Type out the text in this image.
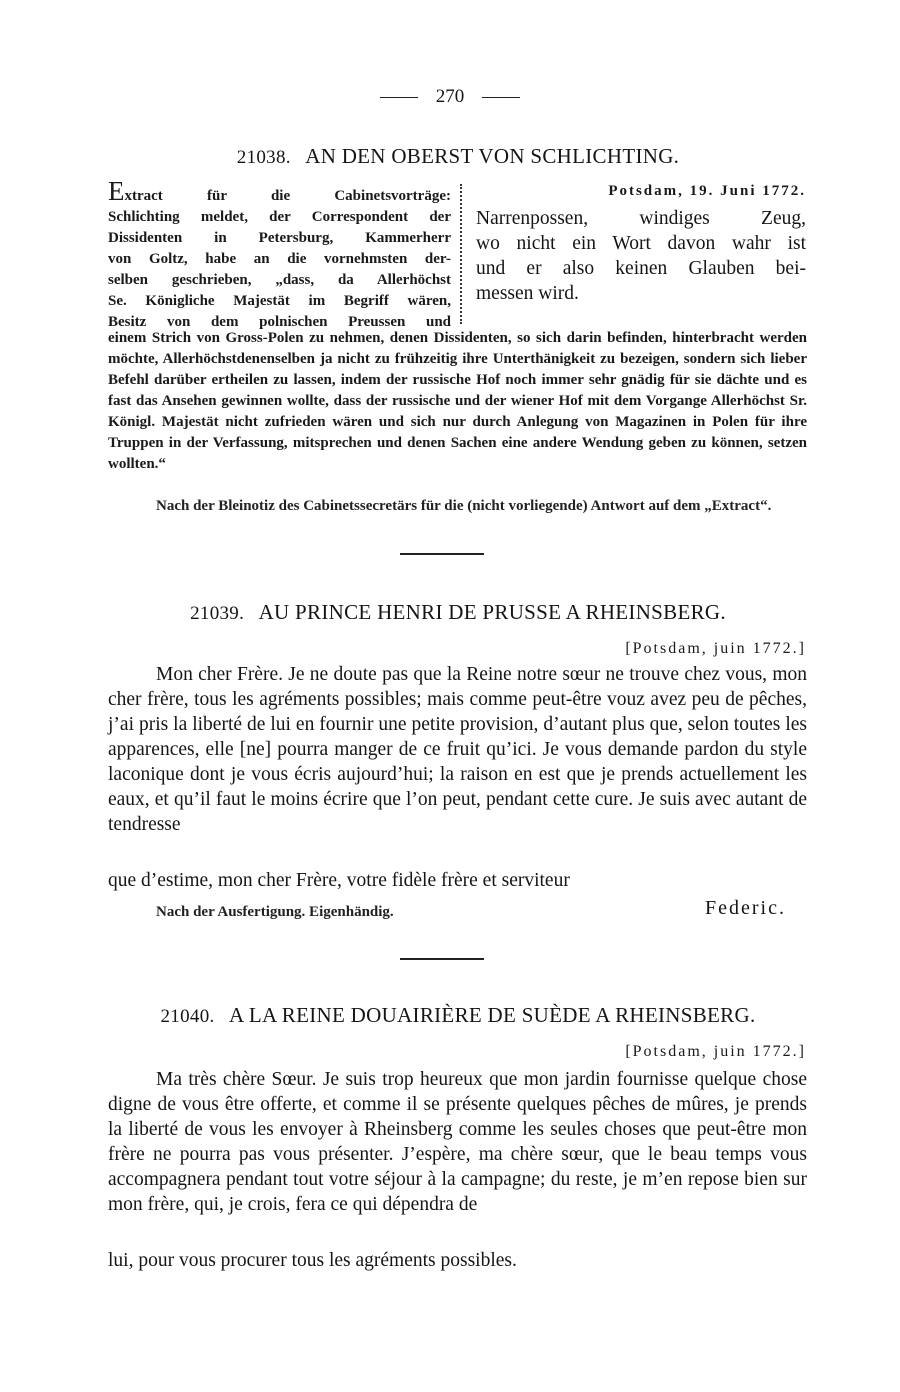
270
21038. AN DEN OBERST VON SCHLICHTING.
Extract für die Cabinetsvorträge:
Schlichting meldet, der Correspondent der
Dissidenten in Petersburg, Kammerherr
von Goltz, habe an die vornehmsten der-
selben geschrieben, „dass, da Allerhöchst
Se. Königliche Majestät im Begriff wären,
Besitz von dem polnischen Preussen und
Potsdam, 19. Juni 1772.
Narrenpossen, windiges Zeug,
wo nicht ein Wort davon wahr ist
und er also keinen Glauben bei-
messen wird.
einem Strich von Gross-Polen zu nehmen, denen Dissidenten, so sich darin befinden, hinterbracht werden möchte, Allerhöchstdenenselben ja nicht zu frühzeitig ihre Unterthänigkeit zu bezeigen, sondern sich lieber Befehl darüber ertheilen zu lassen, indem der russische Hof noch immer sehr gnädig für sie dächte und es fast das Ansehen gewinnen wollte, dass der russische und der wiener Hof mit dem Vorgange Allerhöchst Sr. Königl. Majestät nicht zufrieden wären und sich nur durch Anlegung von Magazinen in Polen für ihre Truppen in der Verfassung, mitsprechen und denen Sachen eine andere Wendung geben zu können, setzen wollten.“
Nach der Bleinotiz des Cabinetssecretärs für die (nicht vorliegende) Antwort auf dem „Extract“.
21039. AU PRINCE HENRI DE PRUSSE A RHEINSBERG.
[Potsdam, juin 1772.]
Mon cher Frère. Je ne doute pas que la Reine notre sœur ne trouve chez vous, mon cher frère, tous les agréments possibles; mais comme peut-être vouz avez peu de pêches, j’ai pris la liberté de lui en fournir une petite provision, d’autant plus que, selon toutes les apparences, elle [ne] pourra manger de ce fruit qu’ici. Je vous demande pardon du style laconique dont je vous écris aujourd’hui; la raison en est que je prends actuellement les eaux, et qu’il faut le moins écrire que l’on peut, pendant cette cure. Je suis avec autant de tendresse
que d’estime, mon cher Frère, votre fidèle frère et serviteur
Nach der Ausfertigung. Eigenhändig.	Federic.
21040. A LA REINE DOUAIRIÈRE DE SUÈDE A RHEINSBERG.
[Potsdam, juin 1772.]
Ma très chère Sœur. Je suis trop heureux que mon jardin fournisse quelque chose digne de vous être offerte, et comme il se présente quelques pêches de mûres, je prends la liberté de vous les envoyer à Rheinsberg comme les seules choses que peut-être mon frère ne pourra pas vous présenter. J’espère, ma chère sœur, que le beau temps vous accompagnera pendant tout votre séjour à la campagne; du reste, je m’en repose bien sur mon frère, qui, je crois, fera ce qui dépendra de
lui, pour vous procurer tous les agréments possibles.
